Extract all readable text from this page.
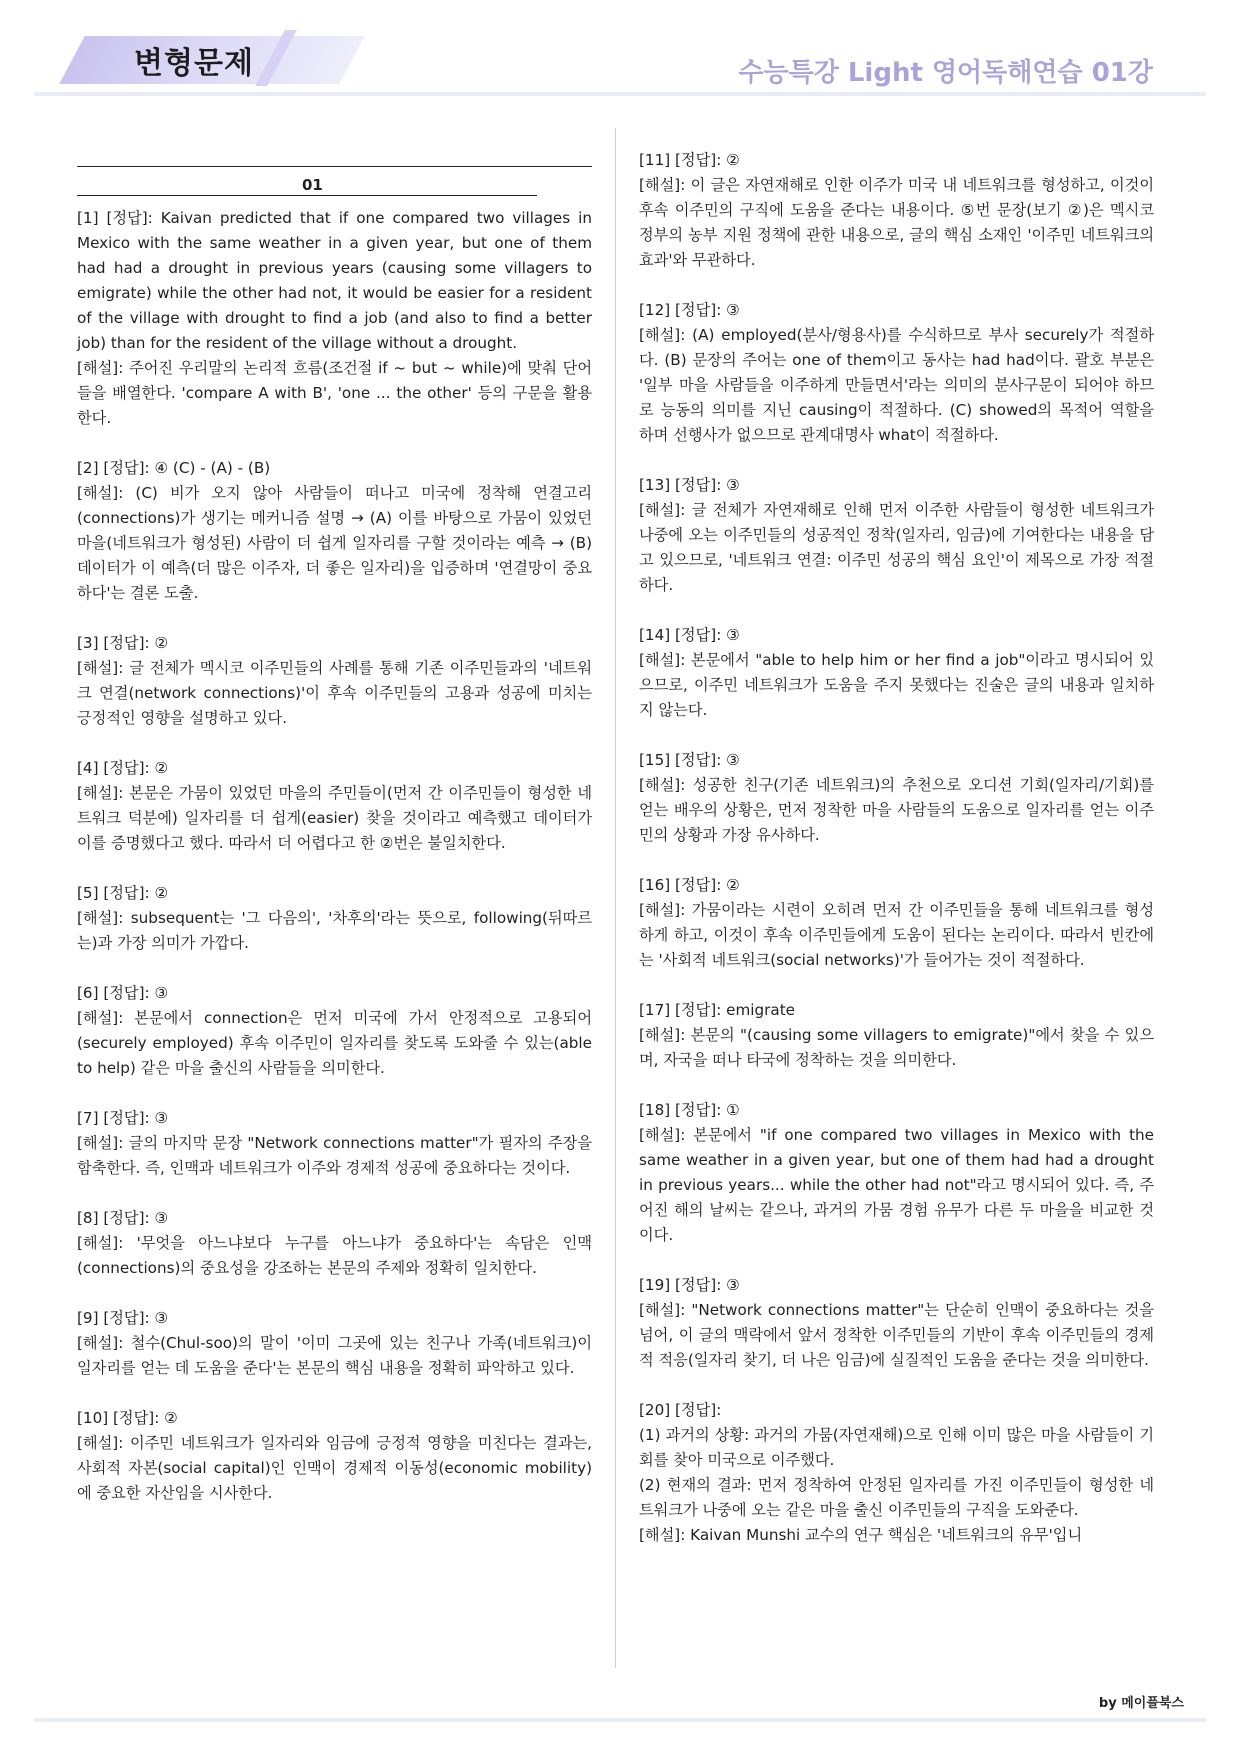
변형문제	수능특강 Light 영어독해연습 01강
01

[1] [정답]: Kaivan predicted that if one compared two villages in Mexico with the same weather in a given year, but one of them had had a drought in previous years (causing some villagers to emigrate) while the other had not, it would be easier for a resident of the village with drought to find a job (and also to find a better job) than for the resident of the village without a drought.

[해설]: 주어진 우리말의 논리적 흐름(조건절 if ~ but ~ while)에 맞춰 단어들을 배열한다. 'compare A with B', 'one ... the other' 등의 구문을 활용한다.

[2] [정답]: ④ (C) - (A) - (B)

[해설]: (C) 비가 오지 않아 사람들이 떠나고 미국에 정착해 연결고리(connections)가 생기는 메커니즘 설명 → (A) 이를 바탕으로 가뭄이 있었던 마을(네트워크가 형성된) 사람이 더 쉽게 일자리를 구할 것이라는 예측 → (B) 데이터가 이 예측(더 많은 이주자, 더 좋은 일자리)을 입증하며 '연결망이 중요하다'는 결론 도출.

[3] [정답]: ②

[해설]: 글 전체가 멕시코 이주민들의 사례를 통해 기존 이주민들과의 '네트워크 연결(network connections)'이 후속 이주민들의 고용과 성공에 미치는 긍정적인 영향을 설명하고 있다.

[4] [정답]: ②

[해설]: 본문은 가뭄이 있었던 마을의 주민들이(먼저 간 이주민들이 형성한 네트워크 덕분에) 일자리를 더 쉽게(easier) 찾을 것이라고 예측했고 데이터가 이를 증명했다고 했다. 따라서 더 어렵다고 한 ②번은 불일치한다.

[5] [정답]: ②

[해설]: subsequent는 '그 다음의', '차후의'라는 뜻으로, following(뒤따르는)과 가장 의미가 가깝다.

[6] [정답]: ③

[해설]: 본문에서 connection은 먼저 미국에 가서 안정적으로 고용되어(securely employed) 후속 이주민이 일자리를 찾도록 도와줄 수 있는(able to help) 같은 마을 출신의 사람들을 의미한다.

[7] [정답]: ③

[해설]: 글의 마지막 문장 "Network connections matter"가 필자의 주장을 함축한다. 즉, 인맥과 네트워크가 이주와 경제적 성공에 중요하다는 것이다.

[8] [정답]: ③

[해설]: '무엇을 아느냐보다 누구를 아느냐가 중요하다'는 속담은 인맥(connections)의 중요성을 강조하는 본문의 주제와 정확히 일치한다.

[9] [정답]: ③

[해설]: 철수(Chul-soo)의 말이 '이미 그곳에 있는 친구나 가족(네트워크)이 일자리를 얻는 데 도움을 준다'는 본문의 핵심 내용을 정확히 파악하고 있다.

[10] [정답]: ②

[해설]: 이주민 네트워크가 일자리와 임금에 긍정적 영향을 미친다는 결과는, 사회적 자본(social capital)인 인맥이 경제적 이동성(economic mobility)에 중요한 자산임을 시사한다.

[11] [정답]: ②

[해설]: 이 글은 자연재해로 인한 이주가 미국 내 네트워크를 형성하고, 이것이 후속 이주민의 구직에 도움을 준다는 내용이다. ⑤번 문장(보기 ②)은 멕시코 정부의 농부 지원 정책에 관한 내용으로, 글의 핵심 소재인 '이주민 네트워크의 효과'와 무관하다.

[12] [정답]: ③

[해설]: (A) employed(분사/형용사)를 수식하므로 부사 securely가 적절하다. (B) 문장의 주어는 one of them이고 동사는 had had이다. 괄호 부분은 '일부 마을 사람들을 이주하게 만들면서'라는 의미의 분사구문이 되어야 하므로 능동의 의미를 지닌 causing이 적절하다. (C) showed의 목적어 역할을 하며 선행사가 없으므로 관계대명사 what이 적절하다.

[13] [정답]: ③

[해설]: 글 전체가 자연재해로 인해 먼저 이주한 사람들이 형성한 네트워크가 나중에 오는 이주민들의 성공적인 정착(일자리, 임금)에 기여한다는 내용을 담고 있으므로, '네트워크 연결: 이주민 성공의 핵심 요인'이 제목으로 가장 적절하다.

[14] [정답]: ③

[해설]: 본문에서 "able to help him or her find a job"이라고 명시되어 있으므로, 이주민 네트워크가 도움을 주지 못했다는 진술은 글의 내용과 일치하지 않는다.

[15] [정답]: ③

[해설]: 성공한 친구(기존 네트워크)의 추천으로 오디션 기회(일자리/기회)를 얻는 배우의 상황은, 먼저 정착한 마을 사람들의 도움으로 일자리를 얻는 이주민의 상황과 가장 유사하다.

[16] [정답]: ②

[해설]: 가뭄이라는 시련이 오히려 먼저 간 이주민들을 통해 네트워크를 형성하게 하고, 이것이 후속 이주민들에게 도움이 된다는 논리이다. 따라서 빈칸에는 '사회적 네트워크(social networks)'가 들어가는 것이 적절하다.

[17] [정답]: emigrate

[해설]: 본문의 "(causing some villagers to emigrate)"에서 찾을 수 있으며, 자국을 떠나 타국에 정착하는 것을 의미한다.

[18] [정답]: ①

[해설]: 본문에서 "if one compared two villages in Mexico with the same weather in a given year, but one of them had had a drought in previous years... while the other had not"라고 명시되어 있다. 즉, 주어진 해의 날씨는 같으나, 과거의 가뭄 경험 유무가 다른 두 마을을 비교한 것이다.

[19] [정답]: ③

[해설]: "Network connections matter"는 단순히 인맥이 중요하다는 것을 넘어, 이 글의 맥락에서 앞서 정착한 이주민들의 기반이 후속 이주민들의 경제적 적응(일자리 찾기, 더 나은 임금)에 실질적인 도움을 준다는 것을 의미한다.

[20] [정답]:

(1) 과거의 상황: 과거의 가뭄(자연재해)으로 인해 이미 많은 마을 사람들이 기회를 찾아 미국으로 이주했다.

(2) 현재의 결과: 먼저 정착하여 안정된 일자리를 가진 이주민들이 형성한 네트워크가 나중에 오는 같은 마을 출신 이주민들의 구직을 도와준다.

[해설]: Kaivan Munshi 교수의 연구 핵심은 '네트워크의 유무'입니

by 메이플북스
